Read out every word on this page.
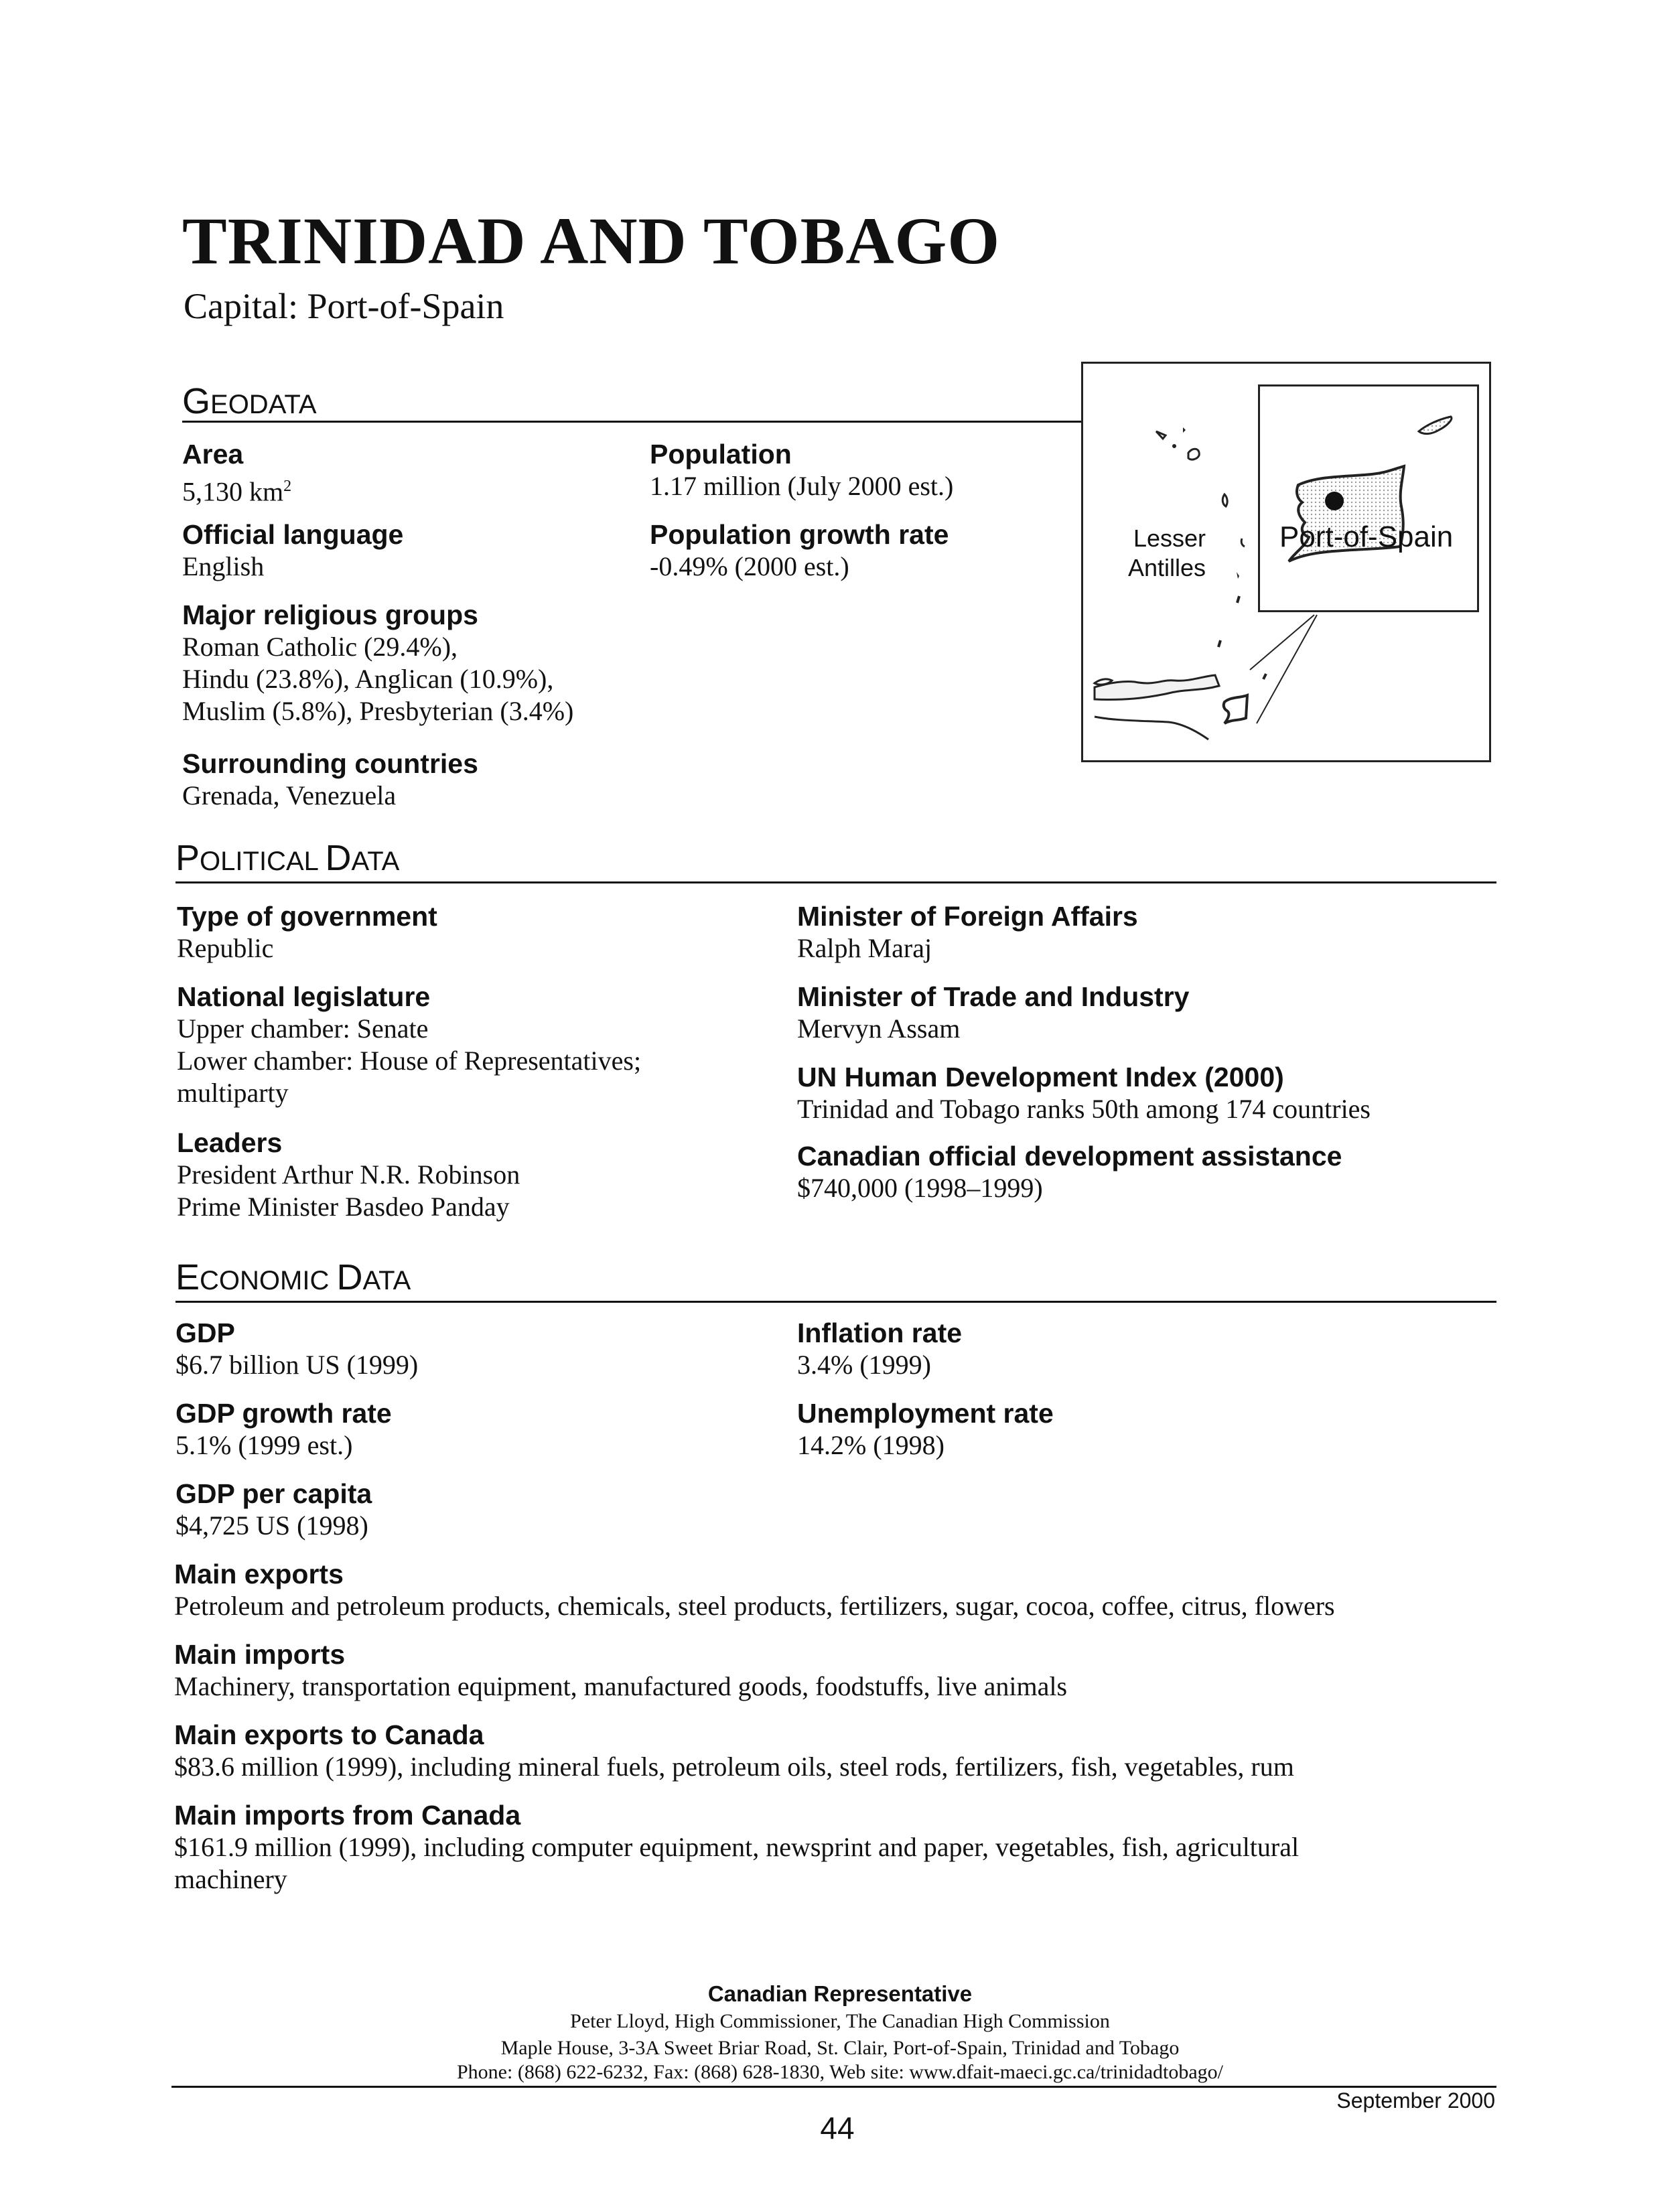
TRINIDAD AND TOBAGO
Capital: Port-of-Spain
GEODATA
Area
5,130 $km^2$
Official language
English
Major religious groups
Roman Catholic (29.4%),
Hindu (23.8%), Anglican (10.9%),
Muslim (5.8%), Presbyterian (3.4%)
Surrounding countries
Grenada, Venezuela
Population
1.17 million (July 2000 est.)
Population growth rate
-0.49% (2000 est.)
Lesser
Antilles
Port-of-Spain
POLITICAL DATA
Type of government
Republic
National legislature
Upper chamber: Senate
Lower chamber: House of Representatives;
multiparty
Leaders
President Arthur N.R. Robinson
Prime Minister Basdeo Panday
Minister of Foreign Affairs
Ralph Maraj
Minister of Trade and Industry
Mervyn Assam
UN Human Development Index (2000)
Trinidad and Tobago ranks 50th among 174 countries
Canadian official development assistance
$740,000 (1998–1999)
ECONOMIC DATA
GDP
$6.7 billion US (1999)
GDP growth rate
5.1% (1999 est.)
GDP per capita
$4,725 US (1998)
Inflation rate
3.4% (1999)
Unemployment rate
14.2% (1998)
Main exports
Petroleum and petroleum products, chemicals, steel products, fertilizers, sugar, cocoa, coffee, citrus, flowers
Main imports
Machinery, transportation equipment, manufactured goods, foodstuffs, live animals
Main exports to Canada
$83.6 million (1999), including mineral fuels, petroleum oils, steel rods, fertilizers, fish, vegetables, rum
Main imports from Canada
$161.9 million (1999), including computer equipment, newsprint and paper, vegetables, fish, agricultural
machinery
Canadian Representative
Peter Lloyd, High Commissioner, The Canadian High Commission
Maple House, 3-3A Sweet Briar Road, St. Clair, Port-of-Spain, Trinidad and Tobago
Phone: (868) 622-6232, Fax: (868) 628-1830, Web site: www.dfait-maeci.gc.ca/trinidadtobago/
September 2000
44
